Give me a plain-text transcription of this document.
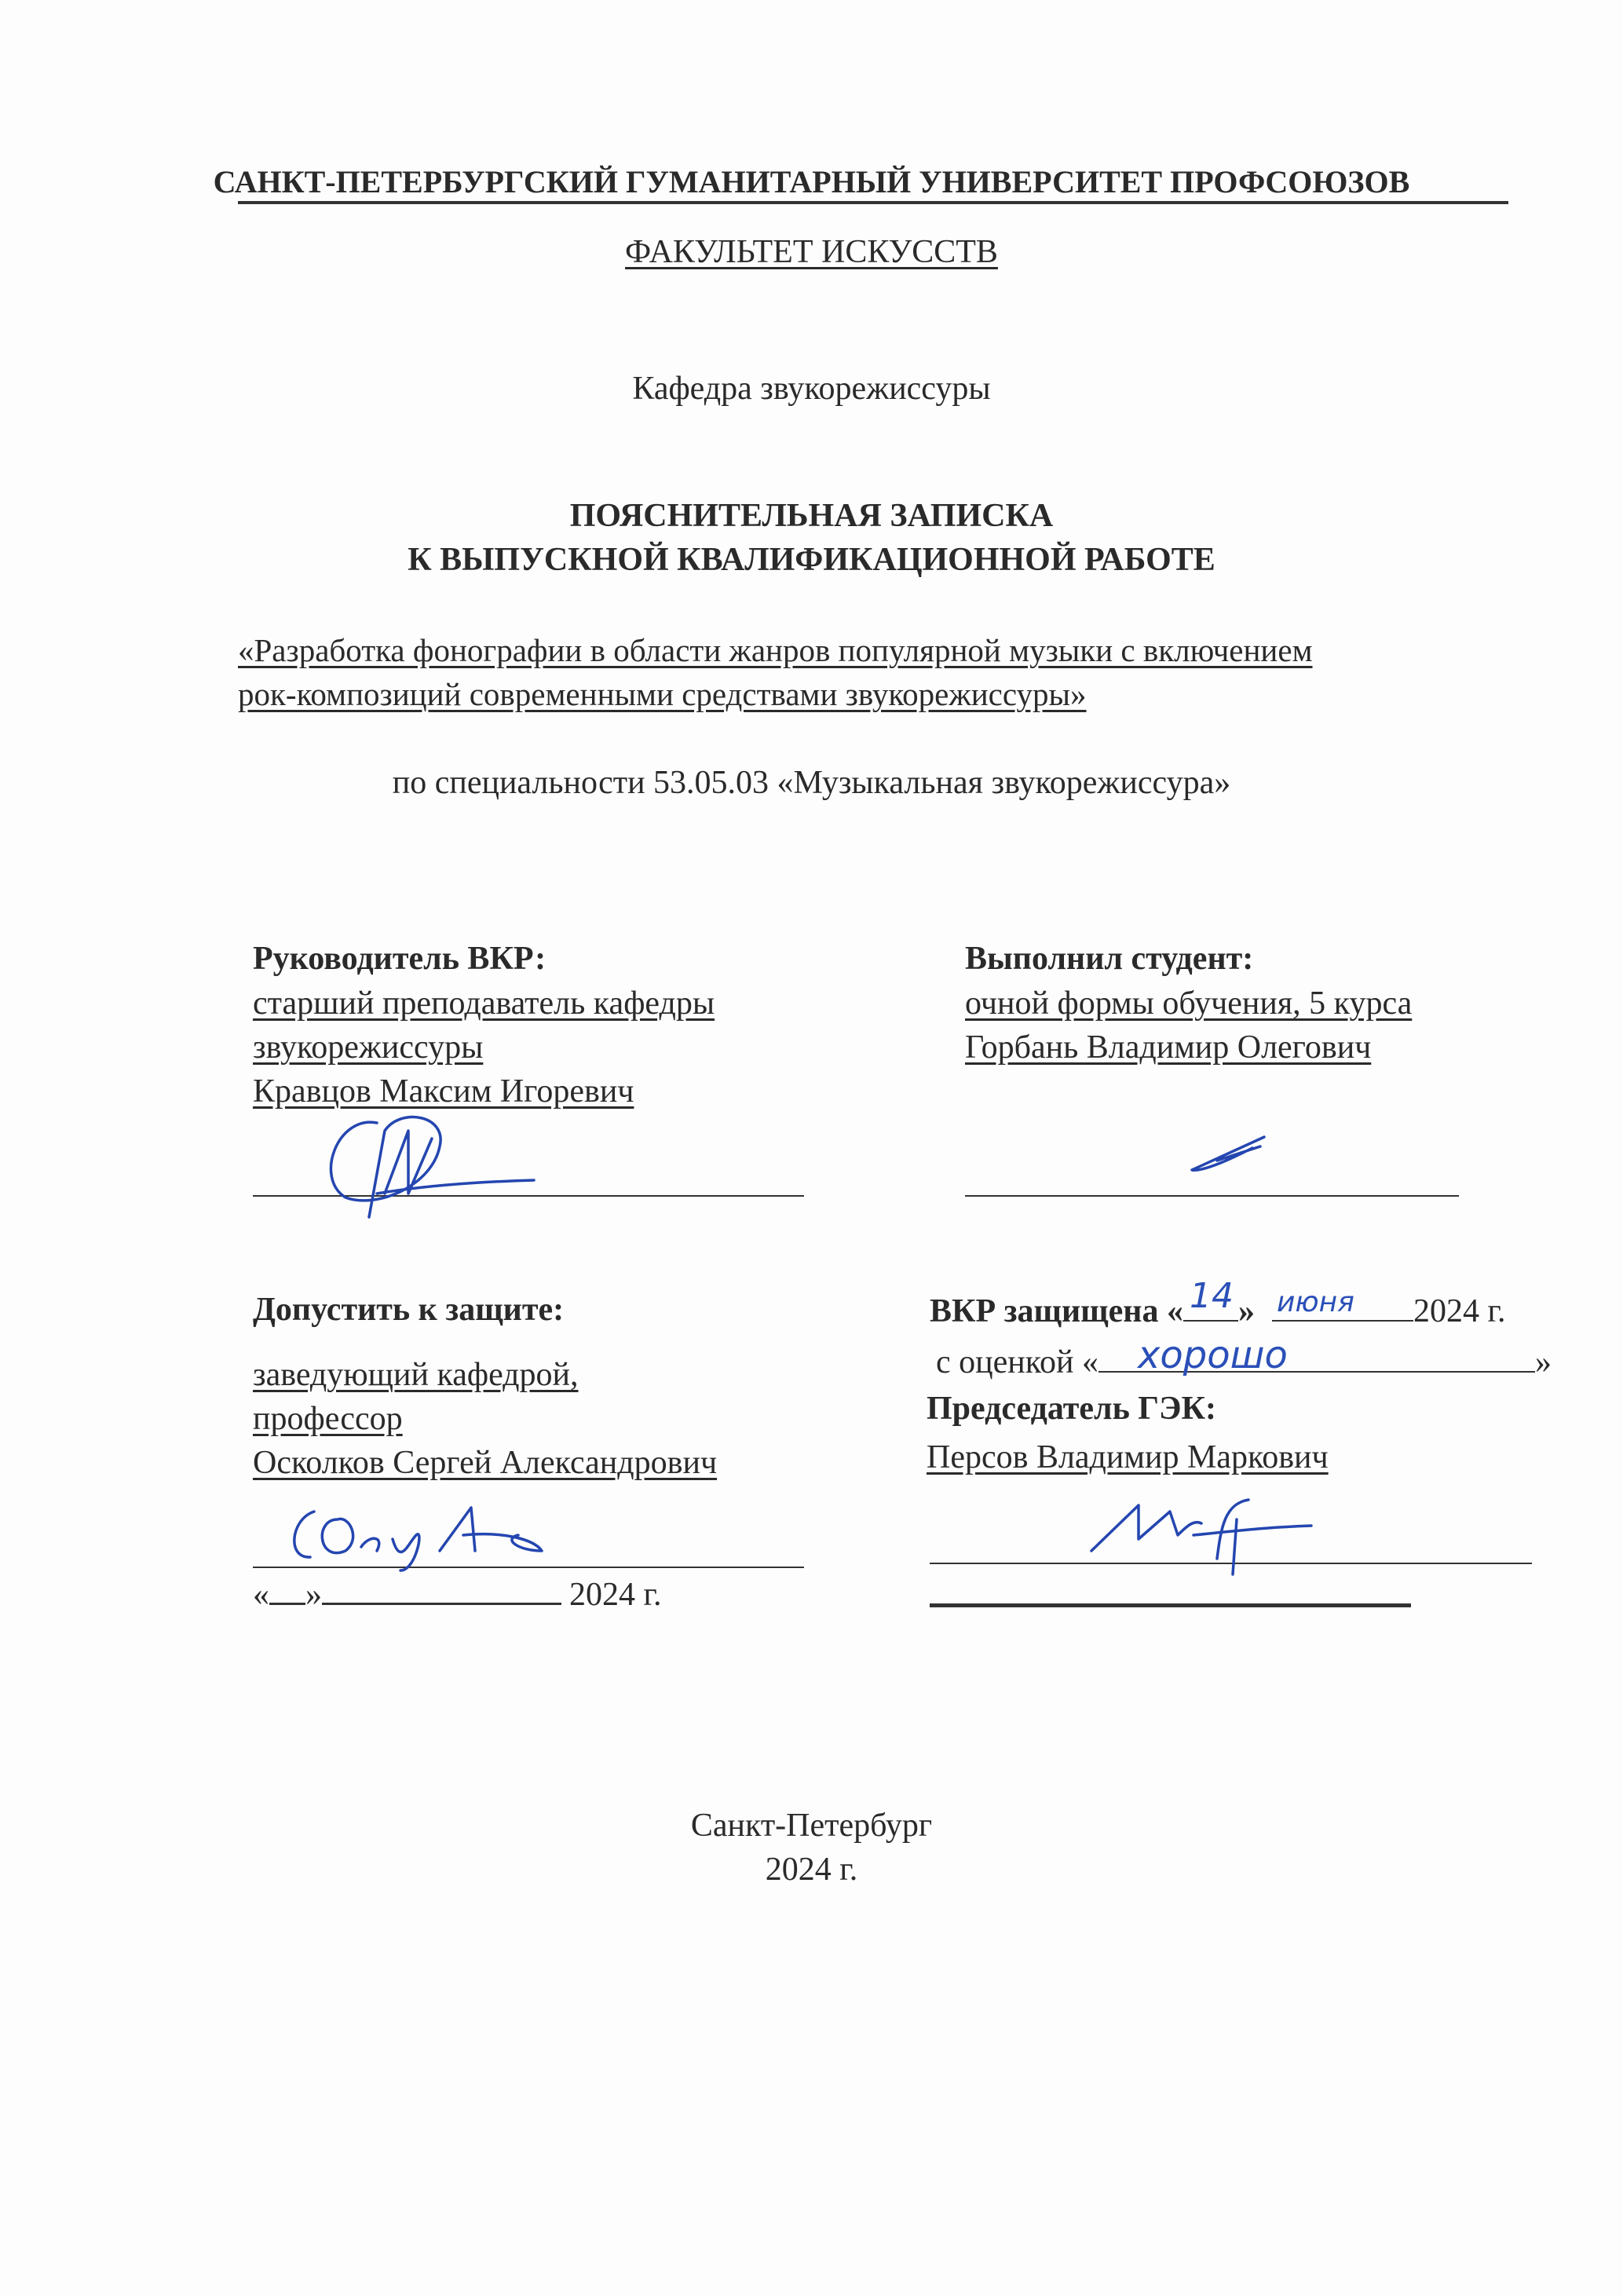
САНКТ-ПЕТЕРБУРГСКИЙ ГУМАНИТАРНЫЙ УНИВЕРСИТЕТ ПРОФСОЮЗОВ
ФАКУЛЬТЕТ ИСКУССТВ
Кафедра звукорежиссуры
ПОЯСНИТЕЛЬНАЯ ЗАПИСКА
К ВЫПУСКНОЙ КВАЛИФИКАЦИОННОЙ РАБОТЕ
«Разработка фонографии в области жанров популярной музыки с включением
рок-композиций современными средствами звукорежиссуры»
по специальности 53.05.03 «Музыкальная звукорежиссура»
Руководитель ВКР:
старший преподаватель кафедры
звукорежиссуры
Кравцов Максим Игоревич
Выполнил студент:
очной формы обучения, 5 курса
Горбань Владимир Олегович
Допустить к защите:
заведующий кафедрой,
профессор
Осколков Сергей Александрович
« »	2024 г.
ВКР защищена « 14 » июня 2024 г.
с оценкой « хорошо	»
Председатель ГЭК:
Персов Владимир Маркович
Санкт-Петербург
2024 г.
